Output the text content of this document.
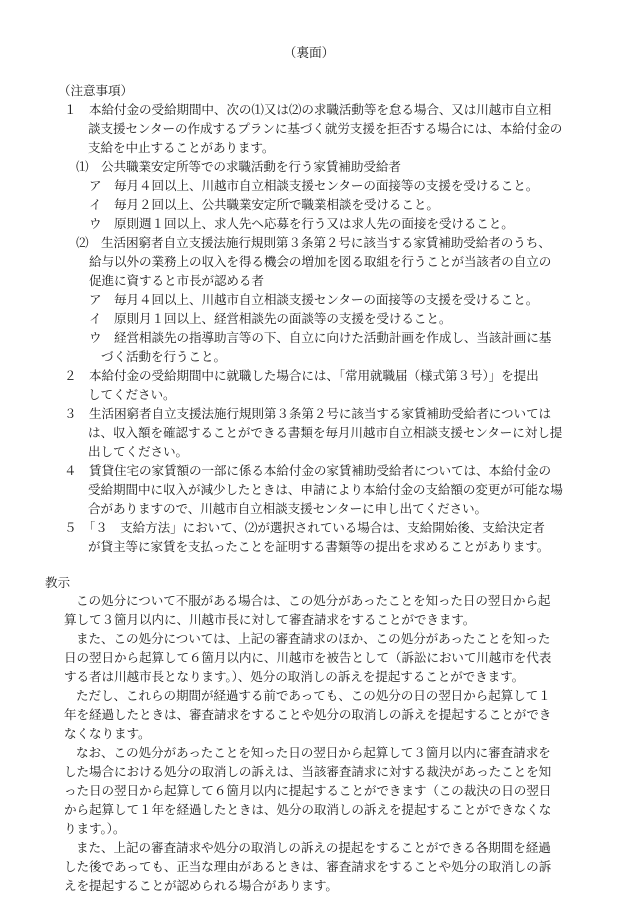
（裏面）
（注意事項）
１　本給付金の受給期間中、次の⑴又は⑵の求職活動等を怠る場合、又は川越市自立相
談支援センターの作成するプランに基づく就労支援を拒否する場合には、本給付金の
支給を中止することがあります。
⑴　公共職業安定所等での求職活動を行う家賃補助受給者
ア　毎月４回以上、川越市自立相談支援センターの面接等の支援を受けること。
イ　毎月２回以上、公共職業安定所で職業相談を受けること。
ウ　原則週１回以上、求人先へ応募を行う又は求人先の面接を受けること。
⑵　生活困窮者自立支援法施行規則第３条第２号に該当する家賃補助受給者のうち、
給与以外の業務上の収入を得る機会の増加を図る取組を行うことが当該者の自立の
促進に資すると市長が認める者
ア　毎月４回以上、川越市自立相談支援センターの面接等の支援を受けること。
イ　原則月１回以上、経営相談先の面談等の支援を受けること。
ウ　経営相談先の指導助言等の下、自立に向けた活動計画を作成し、当該計画に基
づく活動を行うこと。
２　本給付金の受給期間中に就職した場合には、「常用就職届（様式第３号）」を提出
してください。
３　生活困窮者自立支援法施行規則第３条第２号に該当する家賃補助受給者については
は、収入額を確認することができる書類を毎月川越市自立相談支援センターに対し提
出してください。
４　賃貸住宅の家賃額の一部に係る本給付金の家賃補助受給者については、本給付金の
受給期間中に収入が減少したときは、申請により本給付金の支給額の変更が可能な場
合がありますので、川越市自立相談支援センターに申し出てください。
５　「３　支給方法」において、⑵が選択されている場合は、支給開始後、支給決定者
が貸主等に家賃を支払ったことを証明する書類等の提出を求めることがあります。
教示
この処分について不服がある場合は、この処分があったことを知った日の翌日から起
算して３箇月以内に、川越市長に対して審査請求をすることができます。
また、この処分については、上記の審査請求のほか、この処分があったことを知った
日の翌日から起算して６箇月以内に、川越市を被告として（訴訟において川越市を代表
する者は川越市長となります。）、処分の取消しの訴えを提起することができます。
ただし、これらの期間が経過する前であっても、この処分の日の翌日から起算して１
年を経過したときは、審査請求をすることや処分の取消しの訴えを提起することができ
なくなります。
なお、この処分があったことを知った日の翌日から起算して３箇月以内に審査請求を
した場合における処分の取消しの訴えは、当該審査請求に対する裁決があったことを知
った日の翌日から起算して６箇月以内に提起することができます（この裁決の日の翌日
から起算して１年を経過したときは、処分の取消しの訴えを提起することができなくな
ります。）。
また、上記の審査請求や処分の取消しの訴えの提起をすることができる各期間を経過
した後であっても、正当な理由があるときは、審査請求をすることや処分の取消しの訴
えを提起することが認められる場合があります。
